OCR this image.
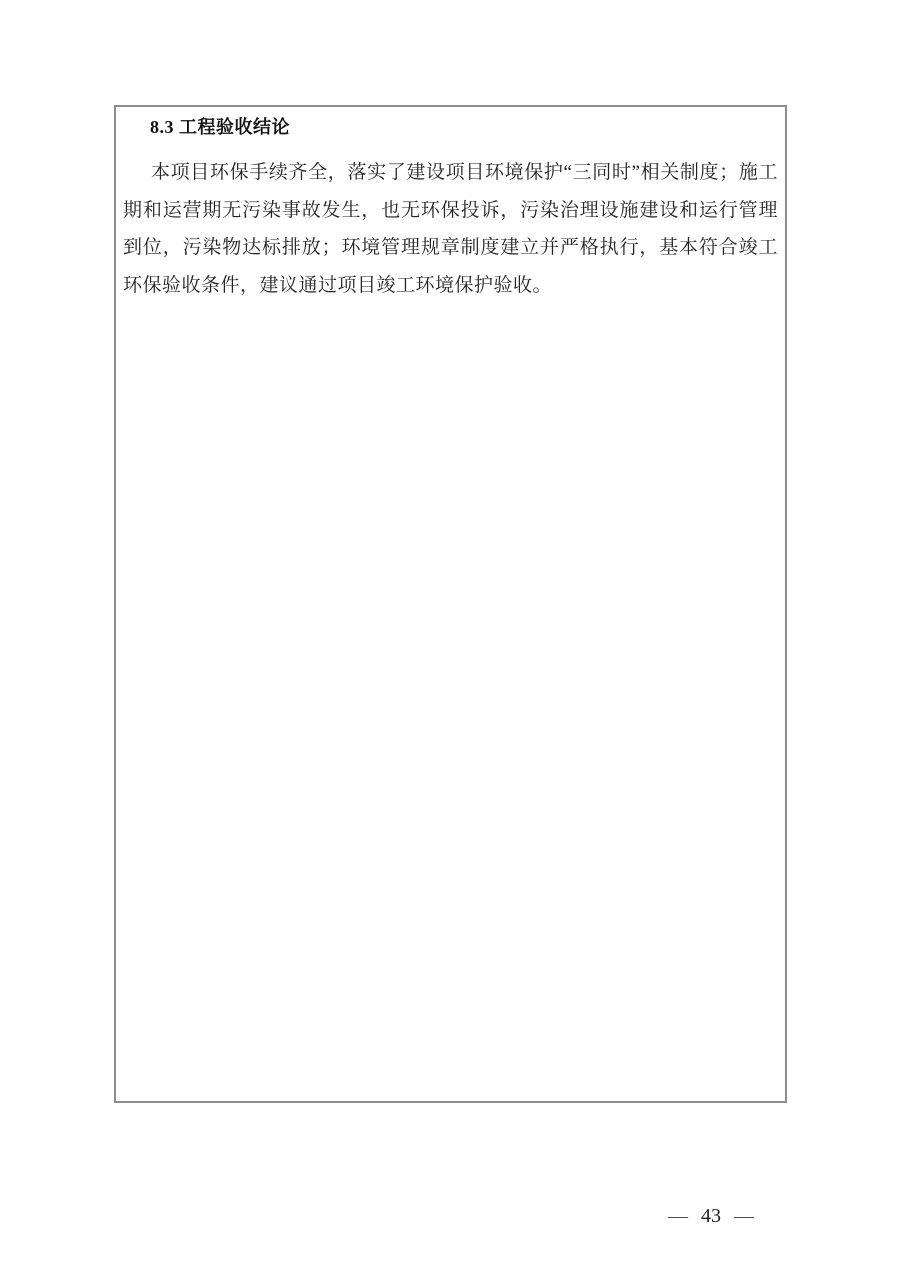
8.3 工程验收结论

本项目环保手续齐全，落实了建设项目环境保护“三同时”相关制度；施工期和运营期无污染事故发生，也无环保投诉，污染治理设施建设和运行管理到位，污染物达标排放；环境管理规章制度建立并严格执行，基本符合竣工环保验收条件，建议通过项目竣工环境保护验收。

— 43 —
